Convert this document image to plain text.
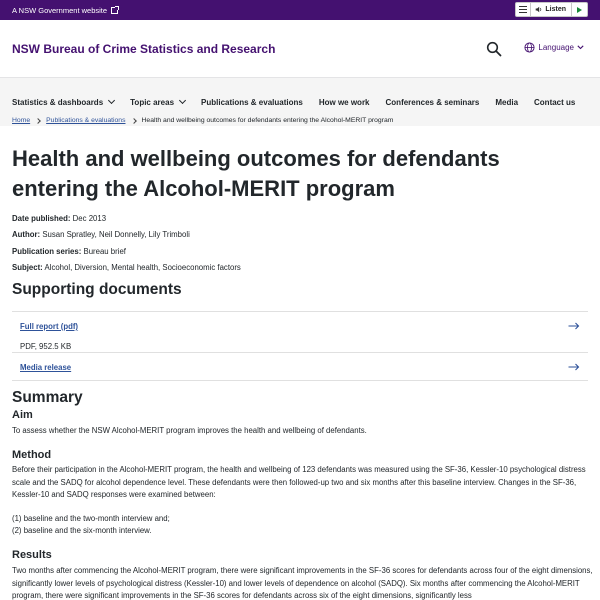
A NSW Government website	Listen
NSW Bureau of Crime Statistics and Research	Language
Statistics & dashboards	Topic areas	Publications & evaluations How we work Conferences & seminars Media Contact us
Home Publications & evaluations Health and wellbeing outcomes for defendants entering the Alcohol-MERIT program
Health and wellbeing outcomes for defendants entering the Alcohol-MERIT program
Date published: Dec 2013
Author: Susan Spratley, Neil Donnelly, Lily Trimboli
Publication series: Bureau brief
Subject: Alcohol, Diversion, Mental health, Socioeconomic factors
Supporting documents
Full report (pdf)
PDF, 952.5 KB
Media release
Summary
Aim

To assess whether the NSW Alcohol-MERIT program improves the health and wellbeing of defendants.

Method

Before their participation in the Alcohol-MERIT program, the health and wellbeing of 123 defendants was measured using the SF-36, Kessler-10 psychological distress scale and the SADQ for alcohol dependence level. These defendants were then followed-up two and six months after this baseline interview. Changes in the SF-36, Kessler-10 and SADQ responses were examined between:

(1) baseline and the two-month interview and;

(2) baseline and the six-month interview.

Results

Two months after commencing the Alcohol-MERIT program, there were significant improvements in the SF-36 scores for defendants across four of the eight dimensions, significantly lower levels of psychological distress (Kessler-10) and lower levels of dependence on alcohol (SADQ). Six months after commencing the Alcohol-MERIT program, there were significant improvements in the SF-36 scores for defendants across six of the eight dimensions, significantly less
